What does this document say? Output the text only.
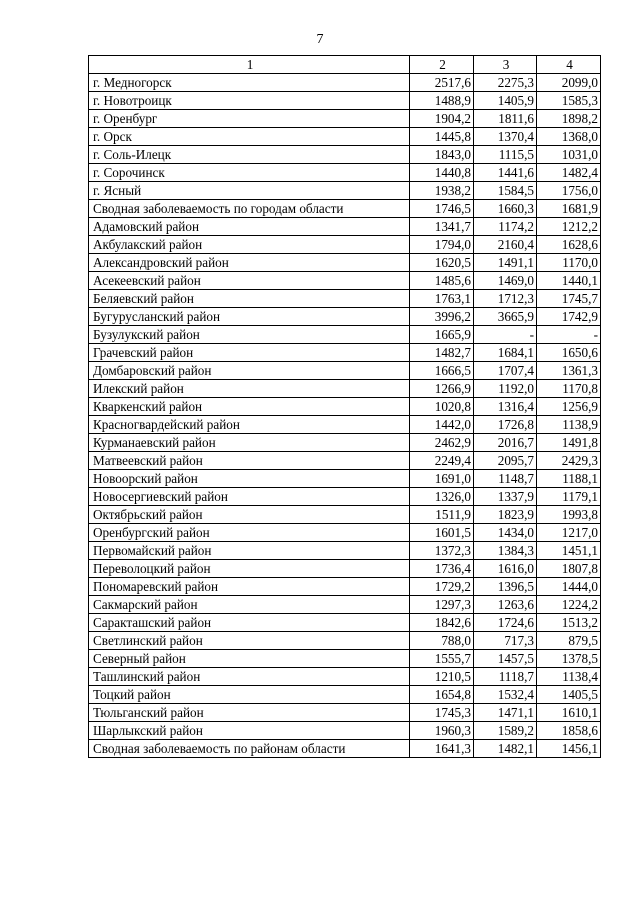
7
1	2	3	4
г. Медногорск	2517,6	2275,3	2099,0
г. Новотроицк	1488,9	1405,9	1585,3
г. Оренбург	1904,2	1811,6	1898,2
г. Орск	1445,8	1370,4	1368,0
г. Соль-Илецк	1843,0	1115,5	1031,0
г. Сорочинск	1440,8	1441,6	1482,4
г. Ясный	1938,2	1584,5	1756,0
Сводная заболеваемость по городам области	1746,5	1660,3	1681,9
Адамовский район	1341,7	1174,2	1212,2
Акбулакский район	1794,0	2160,4	1628,6
Александровский район	1620,5	1491,1	1170,0
Асекеевский район	1485,6	1469,0	1440,1
Беляевский район	1763,1	1712,3	1745,7
Бугурусланский район	3996,2	3665,9	1742,9
Бузулукский район	1665,9	-	-
Грачевский район	1482,7	1684,1	1650,6
Домбаровский район	1666,5	1707,4	1361,3
Илекский район	1266,9	1192,0	1170,8
Кваркенский район	1020,8	1316,4	1256,9
Красногвардейский район	1442,0	1726,8	1138,9
Курманаевский район	2462,9	2016,7	1491,8
Матвеевский район	2249,4	2095,7	2429,3
Новоорский район	1691,0	1148,7	1188,1
Новосергиевский район	1326,0	1337,9	1179,1
Октябрьский район	1511,9	1823,9	1993,8
Оренбургский район	1601,5	1434,0	1217,0
Первомайский район	1372,3	1384,3	1451,1
Переволоцкий район	1736,4	1616,0	1807,8
Пономаревский район	1729,2	1396,5	1444,0
Сакмарский район	1297,3	1263,6	1224,2
Саракташский район	1842,6	1724,6	1513,2
Светлинский район	788,0	717,3	879,5
Северный район	1555,7	1457,5	1378,5
Ташлинский район	1210,5	1118,7	1138,4
Тоцкий район	1654,8	1532,4	1405,5
Тюльганский район	1745,3	1471,1	1610,1
Шарлыкский район	1960,3	1589,2	1858,6
Сводная заболеваемость по районам области	1641,3	1482,1	1456,1
